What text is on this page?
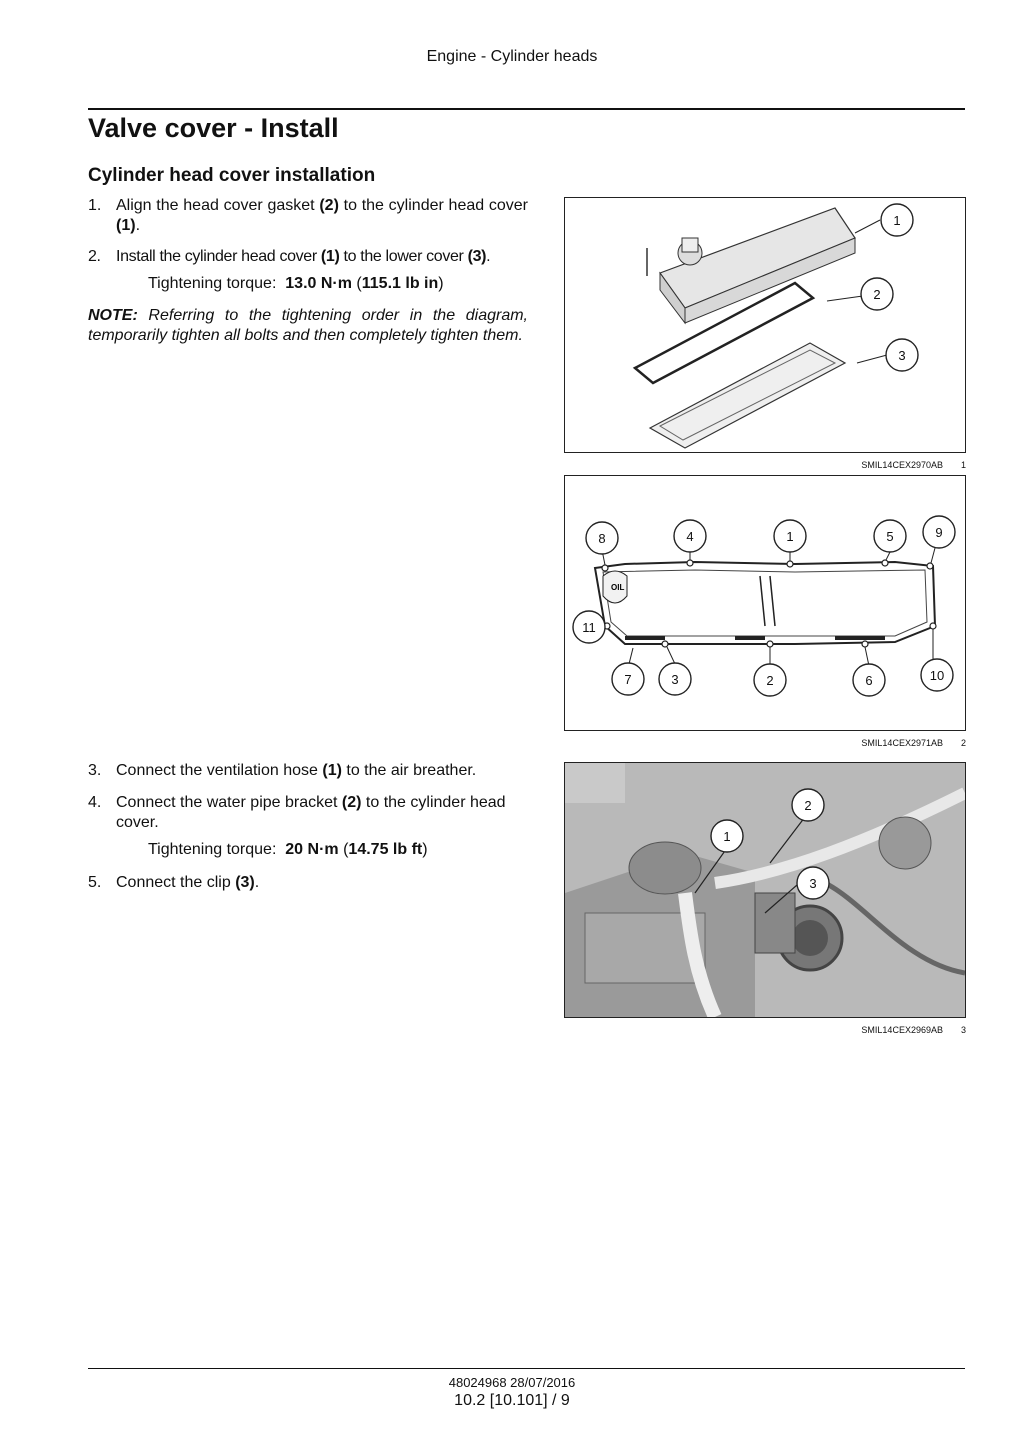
Engine - Cylinder heads
Valve cover - Install
Cylinder head cover installation
1. Align the head cover gasket (2) to the cylinder head cover (1).
2. Install the cylinder head cover (1) to the lower cover (3).
Tightening torque: 13.0 N·m (115.1 lb in)
NOTE: Referring to the tightening order in the diagram, temporarily tighten all bolts and then completely tighten them.
3. Connect the ventilation hose (1) to the air breather.
4. Connect the water pipe bracket (2) to the cylinder head cover.
Tightening torque: 20 N·m (14.75 lb ft)
5. Connect the clip (3).
1
2
3
SMIL14CEX2970AB 1
OIL
8	4	1	5	9
11
7	3	2	6	10
SMIL14CEX2971AB 2
2
1
3
SMIL14CEX2969AB 3
48024968 28/07/2016
10.2 [10.101] / 9
